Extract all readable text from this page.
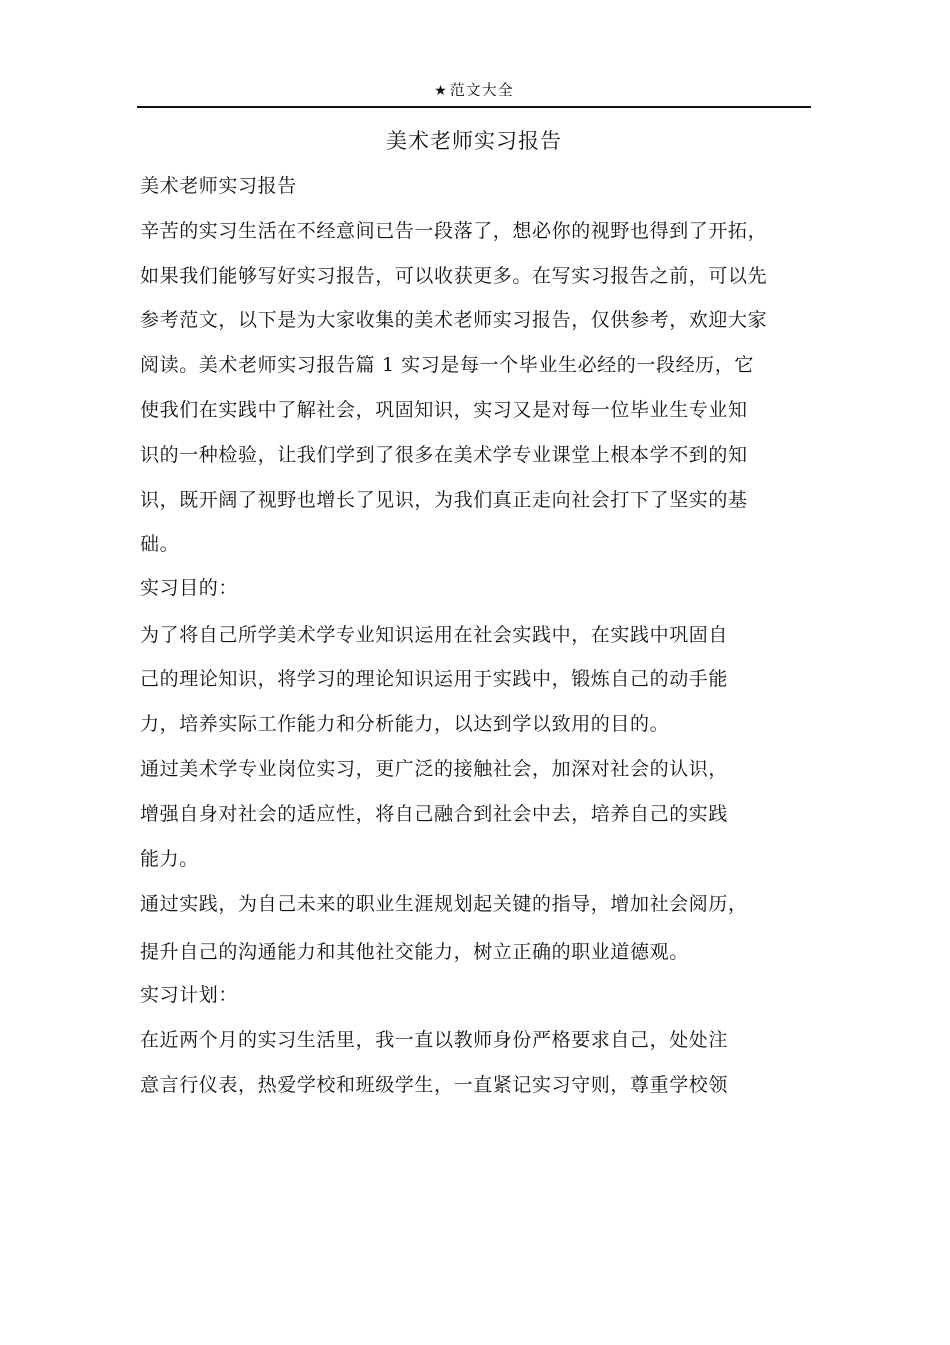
★ 范文大全
美术老师实习报告
美术老师实习报告
辛苦的实习生活在不经意间已告一段落了，想必你的视野也得到了开拓，
如果我们能够写好实习报告，可以收获更多。在写实习报告之前，可以先
参考范文，以下是为大家收集的美术老师实习报告，仅供参考，欢迎大家
阅读。美术老师实习报告篇 1 实习是每一个毕业生必经的一段经历，它
使我们在实践中了解社会，巩固知识，实习又是对每一位毕业生专业知
识的一种检验，让我们学到了很多在美术学专业课堂上根本学不到的知
识，既开阔了视野也增长了见识，为我们真正走向社会打下了坚实的基
础。
实习目的：
为了将自己所学美术学专业知识运用在社会实践中，在实践中巩固自
己的理论知识，将学习的理论知识运用于实践中，锻炼自己的动手能
力，培养实际工作能力和分析能力，以达到学以致用的目的。
通过美术学专业岗位实习，更广泛的接触社会，加深对社会的认识，
增强自身对社会的适应性，将自己融合到社会中去，培养自己的实践
能力。
通过实践，为自己未来的职业生涯规划起关键的指导，增加社会阅历，
提升自己的沟通能力和其他社交能力，树立正确的职业道德观。
实习计划：
在近两个月的实习生活里，我一直以教师身份严格要求自己，处处注
意言行仪表，热爱学校和班级学生，一直紧记实习守则，尊重学校领
